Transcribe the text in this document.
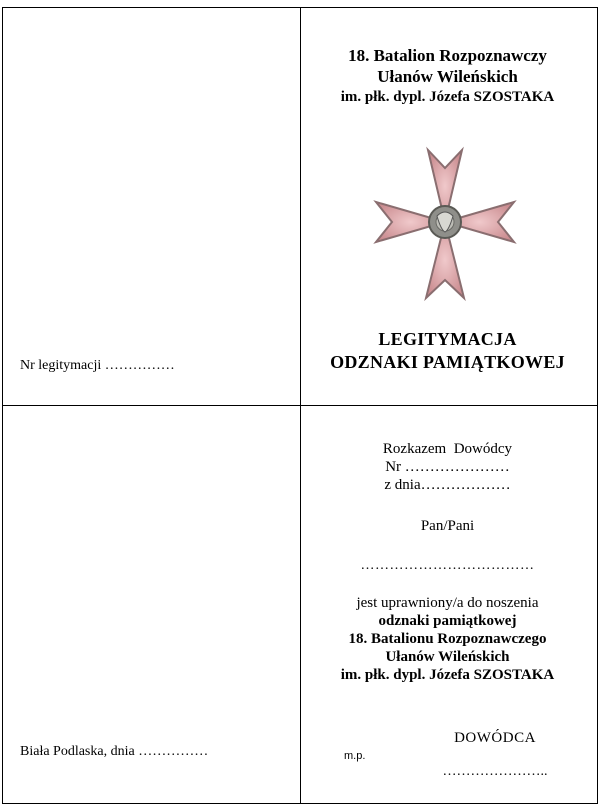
18. Batalion Rozpoznawczy
Ułanów Wileńskich
im. płk. dypl. Józefa SZOSTAKA
LEGITYMACJA
ODZNAKI PAMIĄTKOWEJ
Nr legitymacji ……………
Biała Podlaska, dnia ……………
Rozkazem  Dowódcy
Nr …………………
z dnia………………
Pan/Pani
………………………………
jest uprawniony/a do noszenia
odznaki pamiątkowej
18. Batalionu Rozpoznawczego
Ułanów Wileńskich
im. płk. dypl. Józefa SZOSTAKA
DOWÓDCA
m.p.
…………………..
